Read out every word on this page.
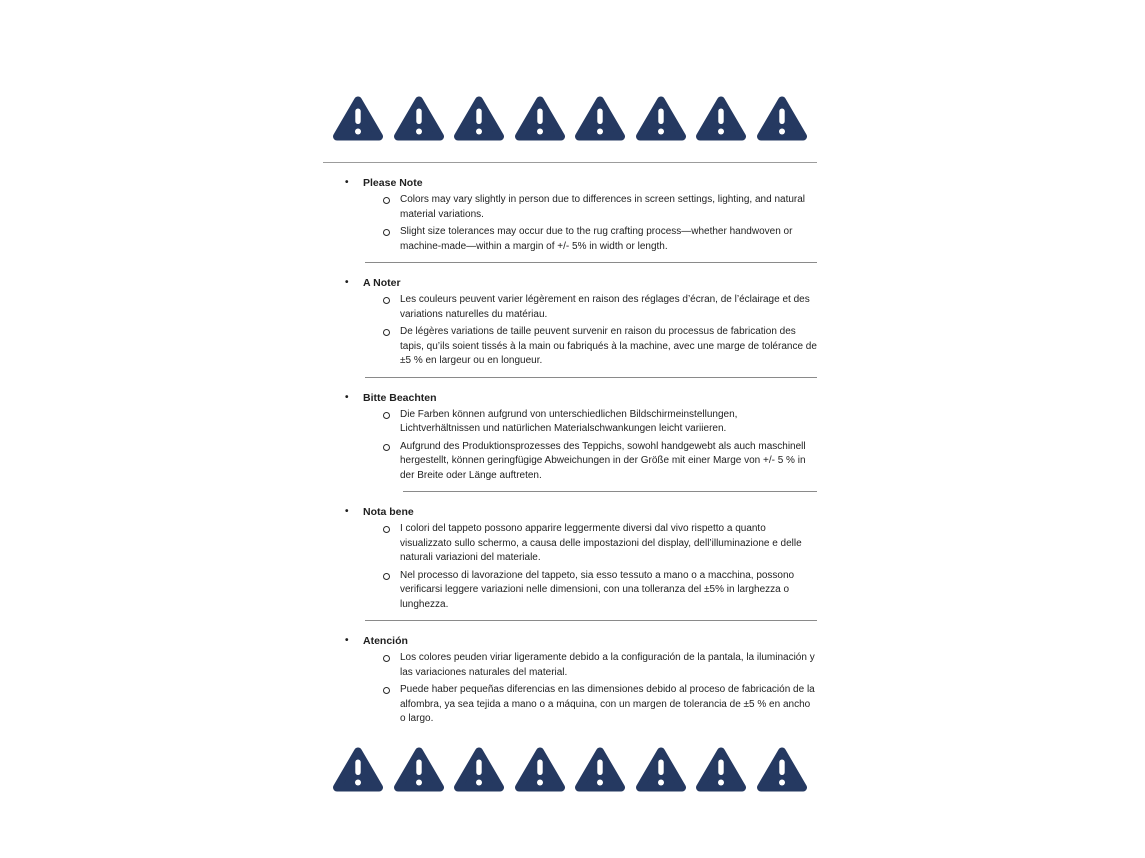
•	Please Note
Colors may vary slightly in person due to differences in screen settings, lighting, and natural material variations.
Slight size tolerances may occur due to the rug crafting process—whether handwoven or machine-made—within a margin of +/- 5% in width or length.
•	A Noter
Les couleurs peuvent varier légèrement en raison des réglages d’écran, de l’éclairage et des variations naturelles du matériau.
De légères variations de taille peuvent survenir en raison du processus de fabrication des tapis, qu’ils soient tissés à la main ou fabriqués à la machine, avec une marge de tolérance de ±5 % en largeur ou en longueur.
•	Bitte Beachten
Die Farben können aufgrund von unterschiedlichen Bildschirmeinstellungen, Lichtverhältnissen und natürlichen Materialschwankungen leicht variieren.
Aufgrund des Produktionsprozesses des Teppichs, sowohl handgewebt als auch maschinell hergestellt, können geringfügige Abweichungen in der Größe mit einer Marge von +/- 5 % in der Breite oder Länge auftreten.
•	Nota bene
I colori del tappeto possono apparire leggermente diversi dal vivo rispetto a quanto visualizzato sullo schermo, a causa delle impostazioni del display, dell’illuminazione e delle naturali variazioni del materiale.
Nel processo di lavorazione del tappeto, sia esso tessuto a mano o a macchina, possono verificarsi leggere variazioni nelle dimensioni, con una tolleranza del ±5% in larghezza o lunghezza.
•	Atención
Los colores peuden viriar ligeramente debido a la configuración de la pantala, la iluminación y las variaciones naturales del material.
Puede haber pequeñas diferencias en las dimensiones debido al proceso de fabricación de la alfombra, ya sea tejida a mano o a máquina, con un margen de tolerancia de ±5 % en ancho o largo.
